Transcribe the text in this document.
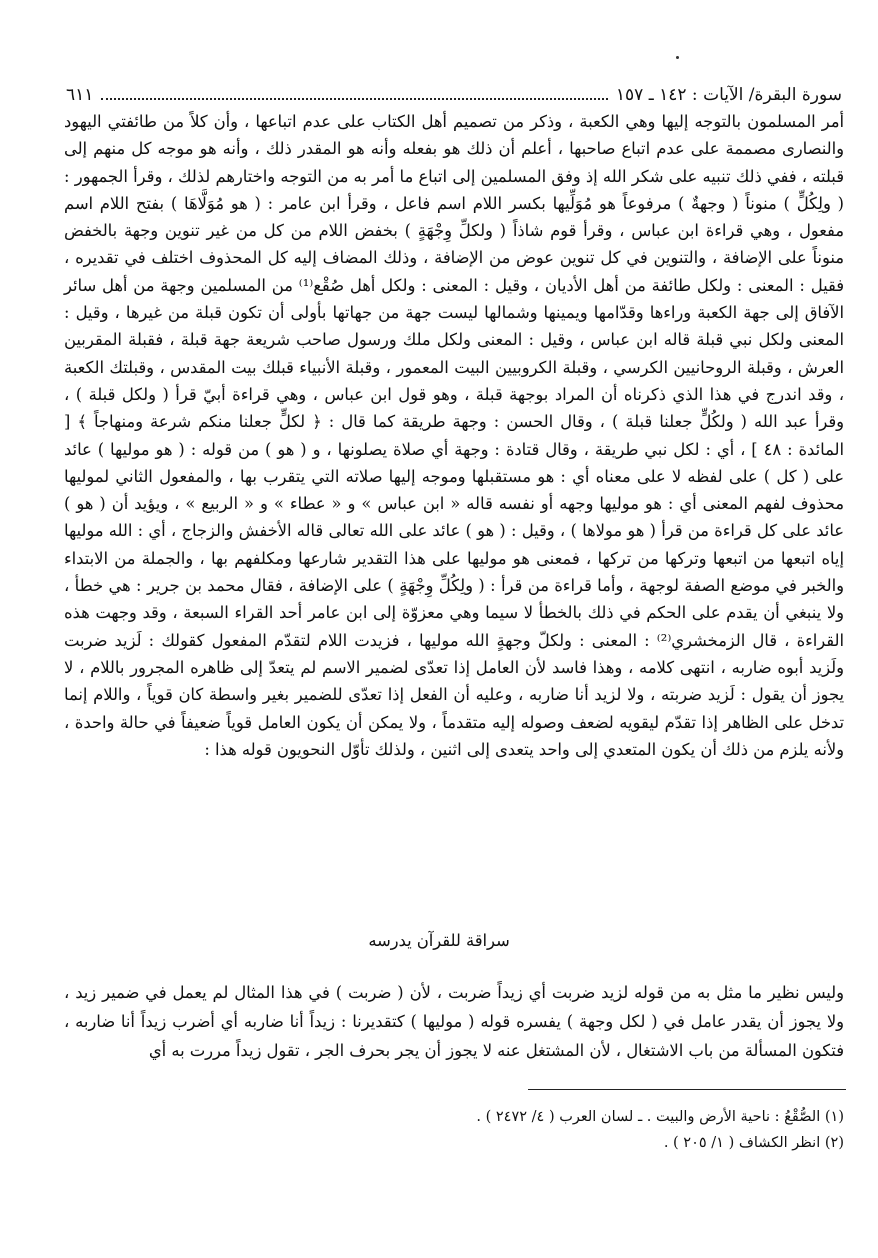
سورة البقرة/ الآيات : ١٤٢ ـ ١٥٧
٦١١

أمر المسلمون بالتوجه إليها وهي الكعبة ، وذكر من تصميم أهل الكتاب على عدم اتباعها ، وأن كلاً من طائفتي اليهود والنصارى مصممة على عدم اتباع صاحبها ، أعلم أن ذلك هو بفعله وأنه هو المقدر ذلك ، وأنه هو موجه كل منهم إلى قبلته ، ففي ذلك تنبيه على شكر الله إذ وفق المسلمين إلى اتباع ما أمر به من التوجه واختارهم لذلك ، وقرأ الجمهور : ( ولِكُلٍّ ) منوناً ( وجهةٌ ) مرفوعاً هو مُوَلِّيها بكسر اللام اسم فاعل ، وقرأ ابن عامر : ( هو مُوَلَّاهَا ) بفتح اللام اسم مفعول ، وهي قراءة ابن عباس ، وقرأ قوم شاذاً ( ولكلِّ وِجْهَةٍ ) بخفض اللام من كل من غير تنوين وجهة بالخفض منوناً على الإضافة ، والتنوين في كل تنوين عوض من الإضافة ، وذلك المضاف إليه كل المحذوف اختلف في تقديره ، فقيل : المعنى : ولكل طائفة من أهل الأديان ، وقيل : المعنى : ولكل أهل صُقْع⁽¹⁾ من المسلمين وجهة من أهل سائر الآفاق إلى جهة الكعبة وراءها وقدّامها ويمينها وشمالها ليست جهة من جهاتها بأولى أن تكون قبلة من غيرها ، وقيل : المعنى ولكل نبي قبلة قاله ابن عباس ، وقيل : المعنى ولكل ملك ورسول صاحب شريعة جهة قبلة ، فقبلة المقربين العرش ، وقبلة الروحانيين الكرسي ، وقبلة الكروبيين البيت المعمور ، وقبلة الأنبياء قبلك بيت المقدس ، وقبلتك الكعبة ، وقد اندرج في هذا الذي ذكرناه أن المراد بوجهة قبلة ، وهو قول ابن عباس ، وهي قراءة أبيّ قرأ ( ولكل قبلة ) ، وقرأ عبد الله ( ولكُلٍّ جعلنا قبلة ) ، وقال الحسن : وجهة طريقة كما قال : ﴿ لكلٍّ جعلنا منكم شرعة ومنهاجاً ﴾ [ المائدة : ٤٨ ] ، أي : لكل نبي طريقة ، وقال قتادة : وجهة أي صلاة يصلونها ، و ( هو ) من قوله : ( هو موليها ) عائد على ( كل ) على لفظه لا على معناه أي : هو مستقبلها وموجه إليها صلاته التي يتقرب بها ، والمفعول الثاني لموليها محذوف لفهم المعنى أي : هو موليها وجهه أو نفسه قاله « ابن عباس » و « عطاء » و « الربيع » ، ويؤيد أن ( هو ) عائد على كل قراءة من قرأ ( هو مولاها ) ، وقيل : ( هو ) عائد على الله تعالى قاله الأخفش والزجاج ، أي : الله موليها إياه اتبعها من اتبعها وتركها من تركها ، فمعنى هو موليها على هذا التقدير شارعها ومكلفهم بها ، والجملة من الابتداء والخبر في موضع الصفة لوجهة ، وأما قراءة من قرأ : ( ولِكُلِّ وِجْهَةٍ ) على الإضافة ، فقال محمد بن جرير : هي خطأ ، ولا ينبغي أن يقدم على الحكم في ذلك بالخطأ لا سيما وهي معزوّة إلى ابن عامر أحد القراء السبعة ، وقد وجهت هذه القراءة ، قال الزمخشري⁽²⁾ : المعنى : ولكلّ وجهةٍ الله موليها ، فزيدت اللام لتقدّم المفعول كقولك : لَزيد ضربت ولَزيد أبوه ضاربه ، انتهى كلامه ، وهذا فاسد لأن العامل إذا تعدّى لضمير الاسم لم يتعدّ إلى ظاهره المجرور باللام ، لا يجوز أن يقول : لَزيد ضربته ، ولا لزيد أنا ضاربه ، وعليه أن الفعل إذا تعدّى للضمير بغير واسطة كان قوياً ، واللام إنما تدخل على الظاهر إذا تقدّم ليقويه لضعف وصوله إليه متقدماً ، ولا يمكن أن يكون العامل قوياً ضعيفاً في حالة واحدة ، ولأنه يلزم من ذلك أن يكون المتعدي إلى واحد يتعدى إلى اثنين ، ولذلك تأوّل النحويون قوله هذا :

سراقة للقرآن يدرسه

وليس نظير ما مثل به من قوله لزيد ضربت أي زيداً ضربت ، لأن ( ضربت ) في هذا المثال لم يعمل في ضمير زيد ، ولا يجوز أن يقدر عامل في ( لكل وجهة ) يفسره قوله ( موليها ) كتقديرنا : زيداً أنا ضاربه أي أضرب زيداً أنا ضاربه ، فتكون المسألة من باب الاشتغال ، لأن المشتغل عنه لا يجوز أن يجر بحرف الجر ، تقول زيداً مررت به أي

(١) الصُّقْعُ : ناحية الأرض والبيت . ـ لسان العرب ( ٤/ ٢٤٧٢ ) .
(٢) انظر الكشاف ( ١/ ٢٠٥ ) .
